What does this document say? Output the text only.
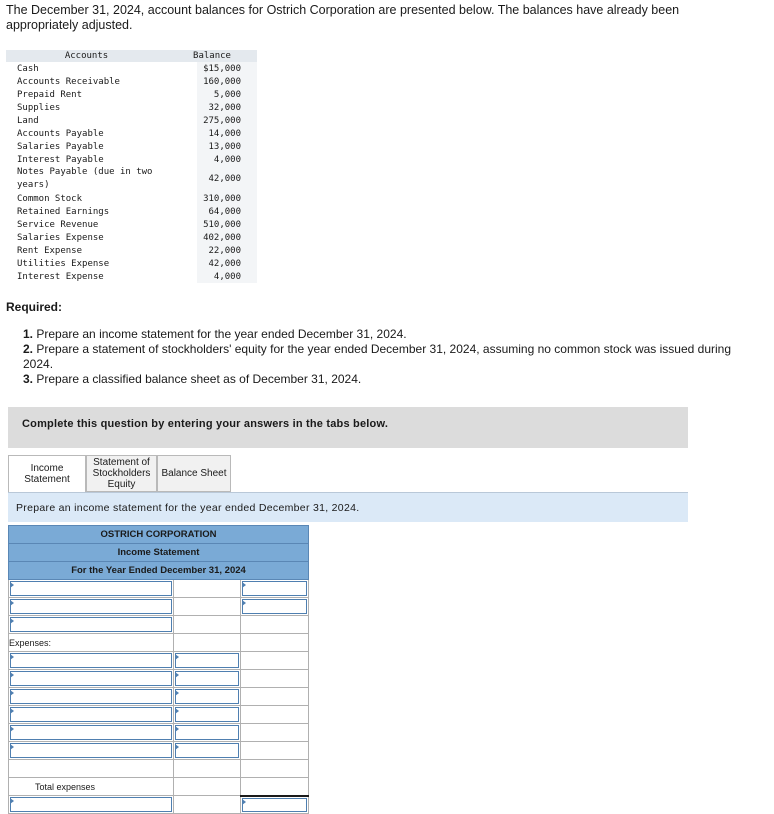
The December 31, 2024, account balances for Ostrich Corporation are presented below. The balances have already been appropriately adjusted.
Accounts	Balance	
Cash		$15,000
Accounts Receivable		160,000
Prepaid Rent		5,000
Supplies		32,000
Land		275,000
Accounts Payable		14,000
Salaries Payable		13,000
Interest Payable		4,000
Notes Payable (due in two years)		42,000
Common Stock		310,000
Retained Earnings		64,000
Service Revenue		510,000
Salaries Expense		402,000
Rent Expense		22,000
Utilities Expense		42,000
Interest Expense		4,000
Required:

1. Prepare an income statement for the year ended December 31, 2024.

2. Prepare a statement of stockholders' equity for the year ended December 31, 2024, assuming no common stock was issued during 2024.

3. Prepare a classified balance sheet as of December 31, 2024.

Complete this question by entering your answers in the tabs below.
Income Statement
Statement of Stockholders Equity
Balance Sheet
Prepare an income statement for the year ended December 31, 2024.
OSTRICH CORPORATION		
Income Statement		
For the Year Ended December 31, 2024		

Expenses:		

Total expenses		
